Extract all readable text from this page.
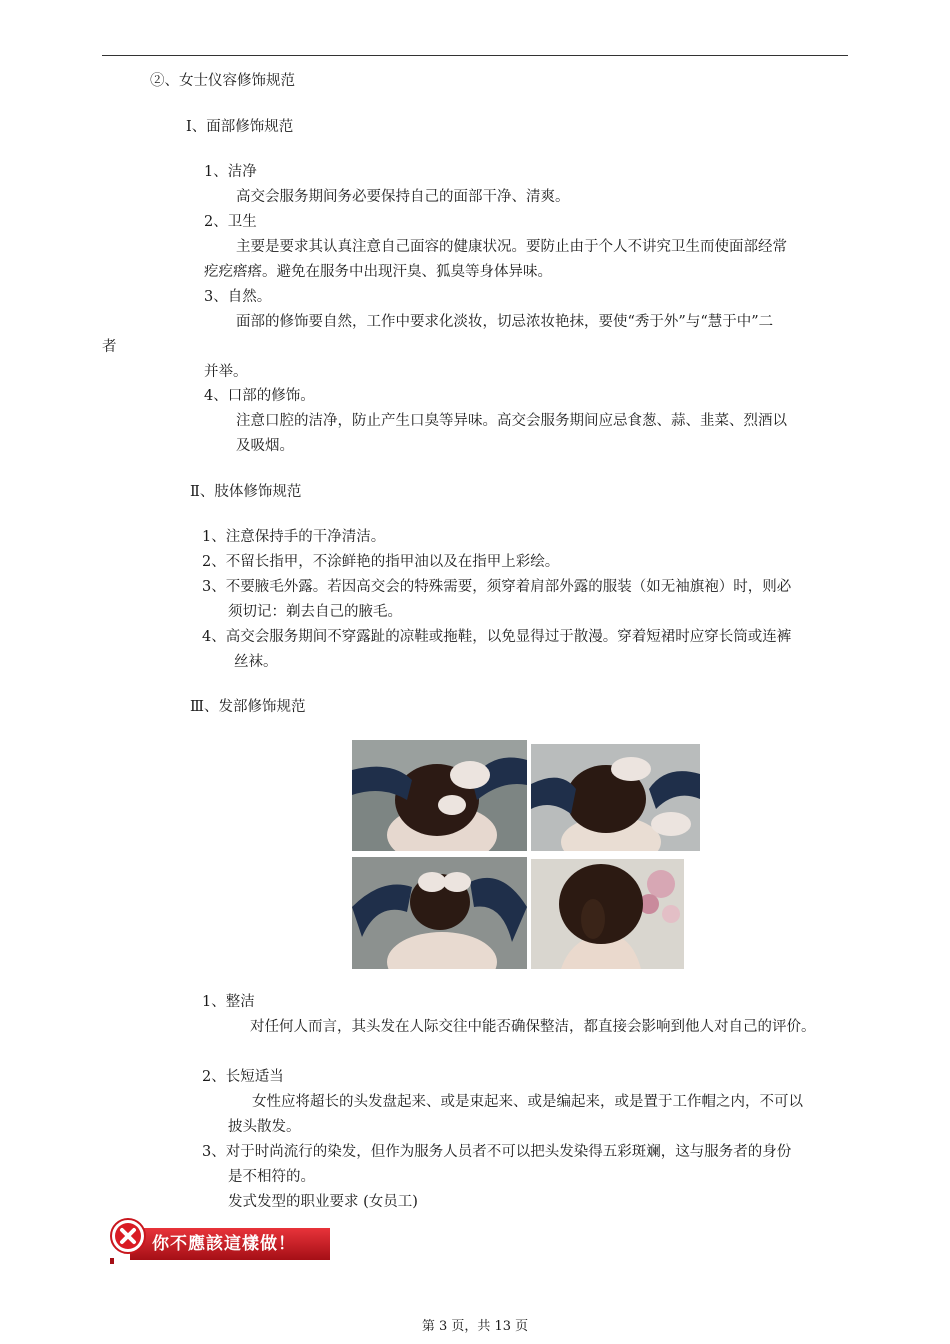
②、女士仪容修饰规范
Ⅰ、面部修饰规范
1、洁净
高交会服务期间务必要保持自己的面部干净、清爽。
2、卫生
主要是要求其认真注意自己面容的健康状况。要防止由于个人不讲究卫生而使面部经常
疙疙瘩瘩。避免在服务中出现汗臭、狐臭等身体异味。
3、自然。
面部的修饰要自然，工作中要求化淡妆，切忌浓妆艳抹，要使“秀于外”与“慧于中”二
者
并举。
4、口部的修饰。
注意口腔的洁净，防止产生口臭等异味。高交会服务期间应忌食葱、蒜、韭菜、烈酒以
及吸烟。
Ⅱ、肢体修饰规范
1、注意保持手的干净清洁。
2、不留长指甲，不涂鲜艳的指甲油以及在指甲上彩绘。
3、不要腋毛外露。若因高交会的特殊需要，须穿着肩部外露的服装（如无袖旗袍）时，则必
须切记：剃去自己的腋毛。
4、高交会服务期间不穿露趾的凉鞋或拖鞋，以免显得过于散漫。穿着短裙时应穿长筒或连裤
丝袜。
Ⅲ、发部修饰规范
1、整洁
对任何人而言，其头发在人际交往中能否确保整洁，都直接会影响到他人对自己的评价。
2、长短适当
女性应将超长的头发盘起来、或是束起来、或是编起来，或是置于工作帽之内，不可以
披头散发。
3、对于时尚流行的染发，但作为服务人员者不可以把头发染得五彩斑斓，这与服务者的身份
是不相符的。
发式发型的职业要求 (女员工)
你不應該這樣做！
第 3 页，共 13 页
